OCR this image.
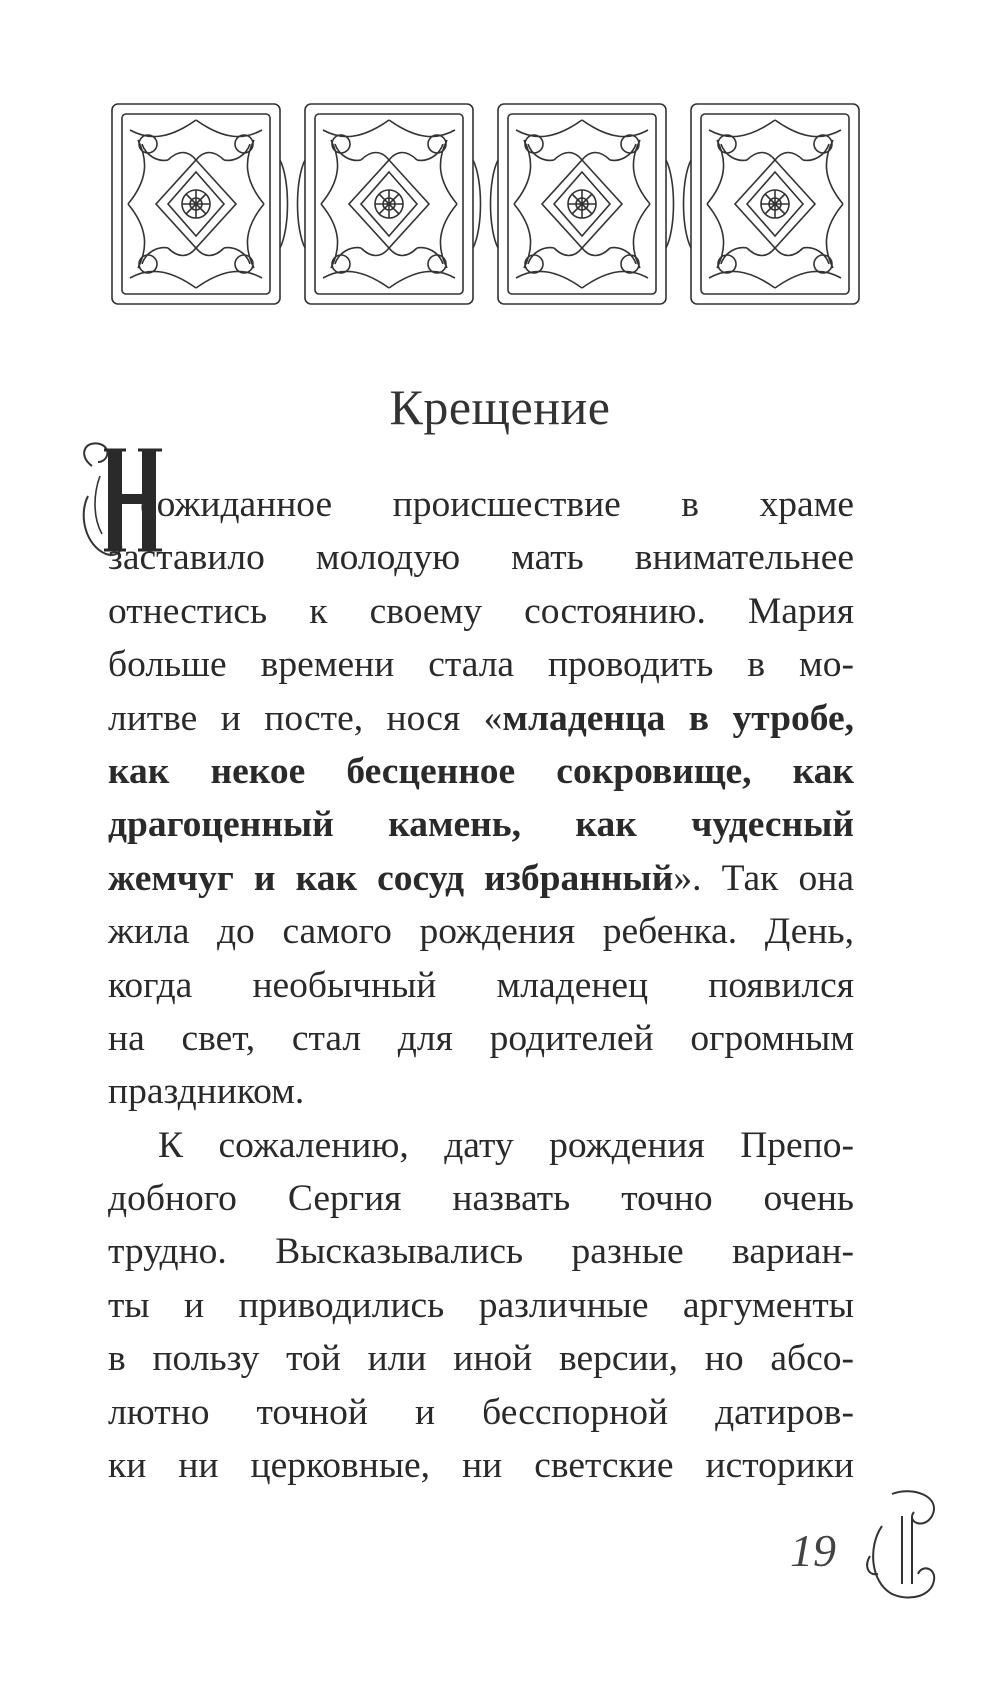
Крещение
еожиданное происшествие в храме
заставило молодую мать внимательнее
отнестись к своему состоянию. Мария
больше времени стала проводить в мо-
литве и посте, нося «младенца в утробе,
как некое бесценное сокровище, как
драгоценный камень, как чудесный
жемчуг и как сосуд избранный». Так она
жила до самого рождения ребенка. День,
когда необычный младенец появился
на свет, стал для родителей огромным
праздником.
К сожалению, дату рождения Препо-
добного Сергия назвать точно очень
трудно. Высказывались разные вариан-
ты и приводились различные аргументы
в пользу той или иной версии, но абсо-
лютно точной и бесспорной датиров-
ки ни церковные, ни светские историки
19
